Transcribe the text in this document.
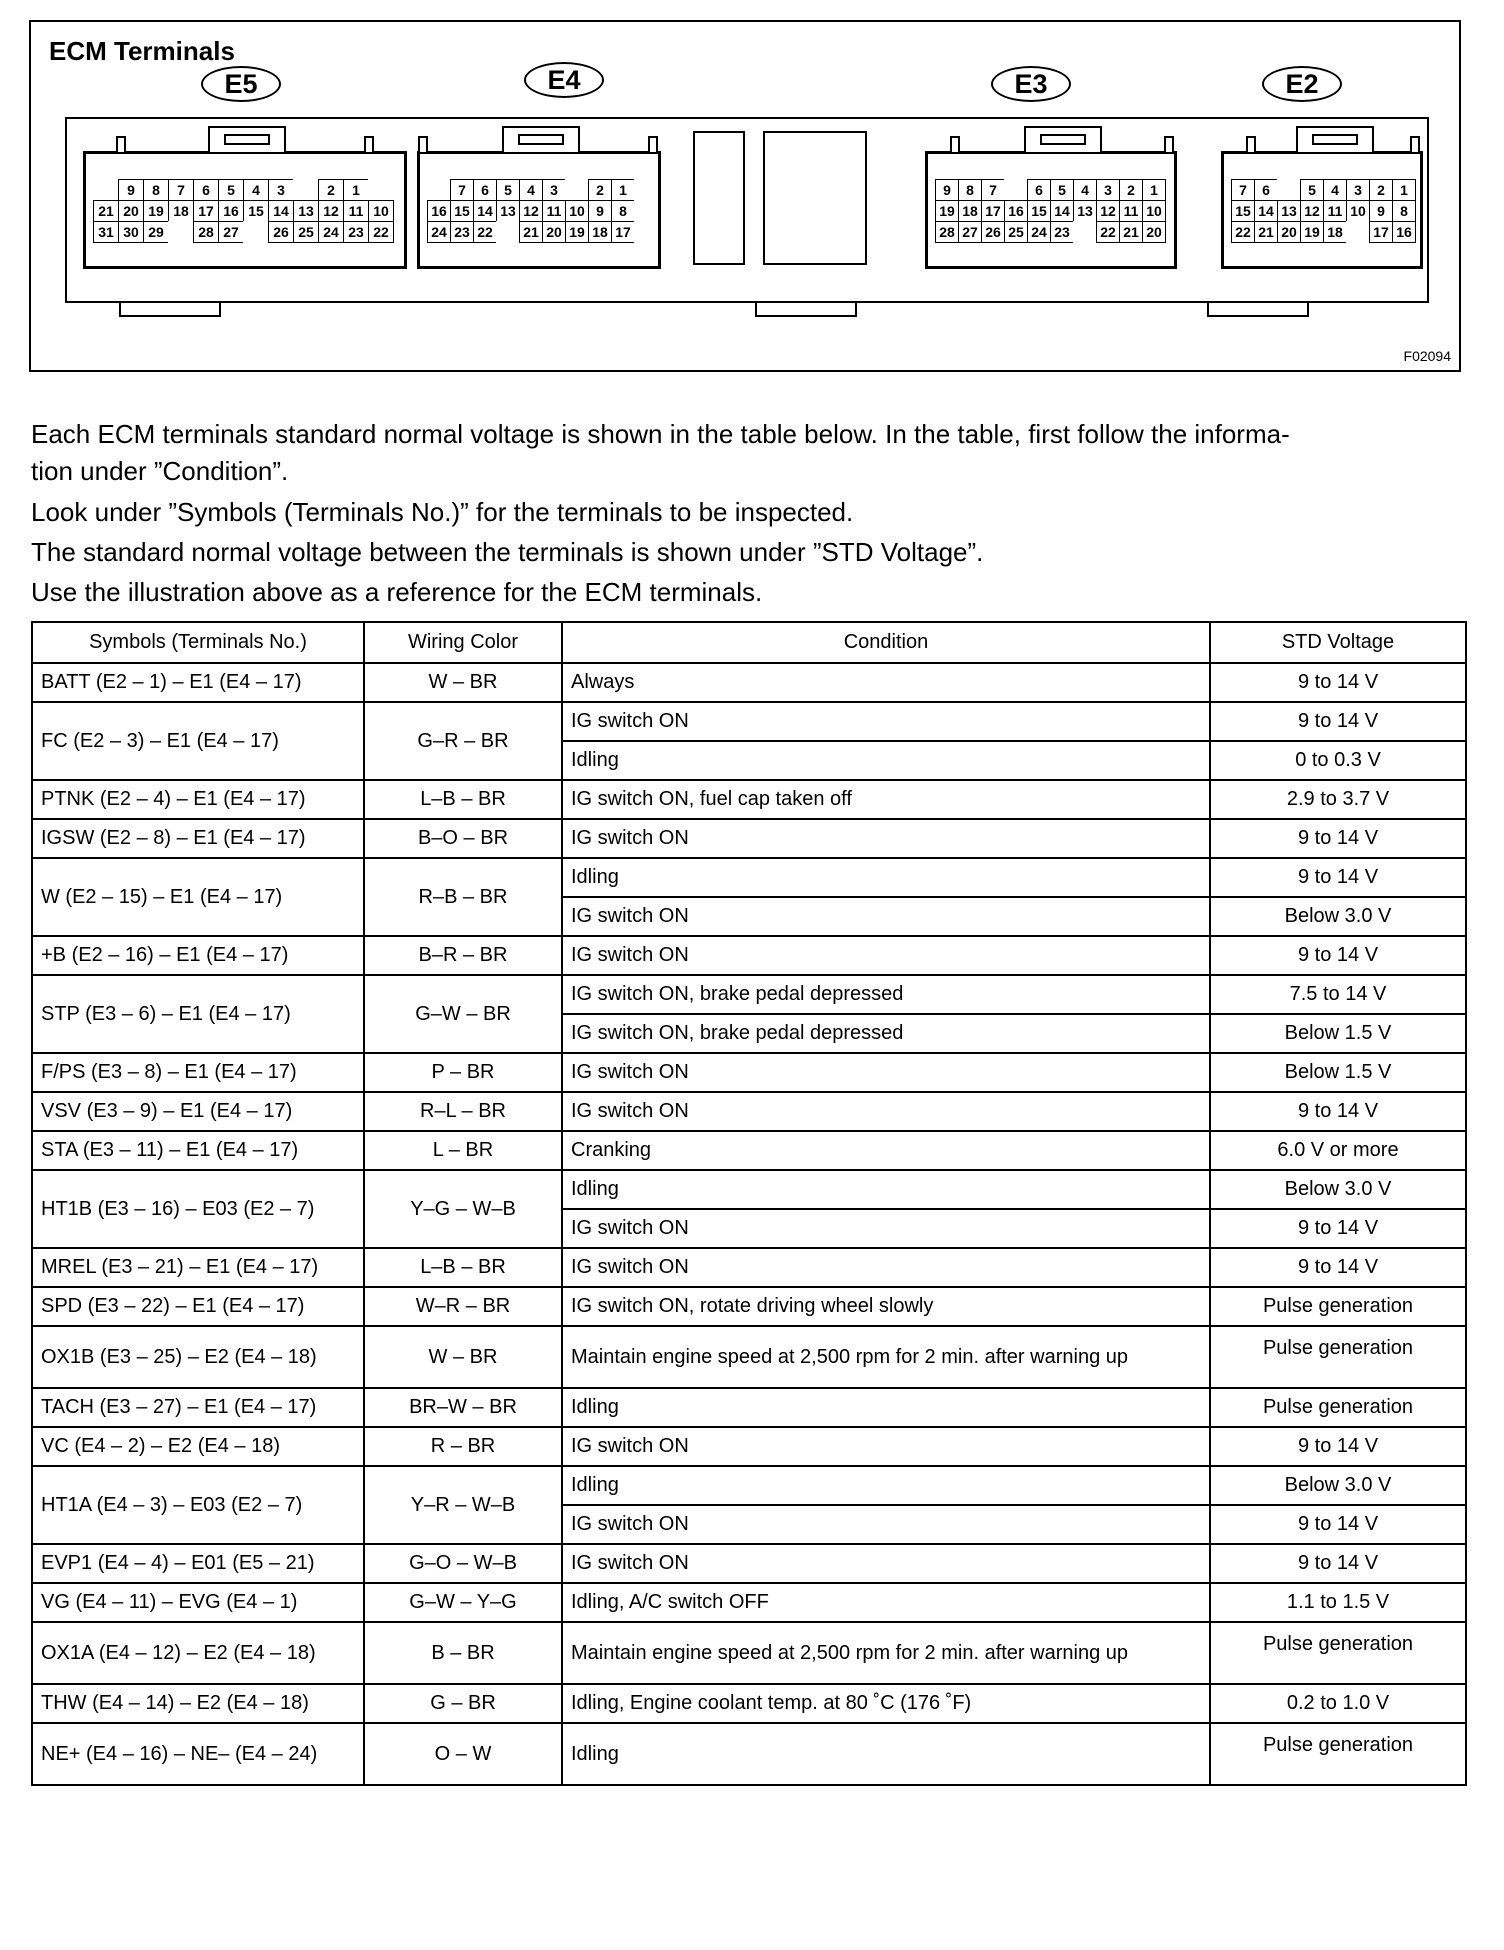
ECM Terminals
E5	E4	E3	E2
9	8	7	6	5	4	3	2	1
21 20 19 18 17 16 15 14 13 12 11 10
31 30 29	28 27	26 25 24 23 22
7	6	5	4	3	2	1
16 15 14 13 12 11 10 9	8
24 23 22	21 20 19 18 17
9	8	7	6	5	4	3	2	1
19 18 17 16 15 14 13 12 11 10
28 27 26 25 24 23	22 21 20
7	6	5	4	3	2	1
15 14 13 12 11 10 9	8
22 21 20 19 18	17 16
F02094
Each ECM terminals standard normal voltage is shown in the table below. In the table, first follow the informa-
tion under ”Condition”.
Look under ”Symbols (Terminals No.)” for the terminals to be inspected.
The standard normal voltage between the terminals is shown under ”STD Voltage”.
Use the illustration above as a reference for the ECM terminals.
Symbols (Terminals No.)	Wiring Color	Condition	STD Voltage
BATT (E2 – 1) – E1 (E4 – 17)	W – BR	Always	9 to 14 V
FC (E2 – 3) – E1 (E4 – 17)	G–R – BR	IG switch ON	9 to 14 V
		Idling	0 to 0.3 V
PTNK (E2 – 4) – E1 (E4 – 17)	L–B – BR	IG switch ON, fuel cap taken off	2.9 to 3.7 V
IGSW (E2 – 8) – E1 (E4 – 17)	B–O – BR	IG switch ON	9 to 14 V
W (E2 – 15) – E1 (E4 – 17)	R–B – BR	Idling	9 to 14 V
		IG switch ON	Below 3.0 V
+B (E2 – 16) – E1 (E4 – 17)	B–R – BR	IG switch ON	9 to 14 V
STP (E3 – 6) – E1 (E4 – 17)	G–W – BR	IG switch ON, brake pedal depressed	7.5 to 14 V
		IG switch ON, brake pedal depressed	Below 1.5 V
F/PS (E3 – 8) – E1 (E4 – 17)	P – BR	IG switch ON	Below 1.5 V
VSV (E3 – 9) – E1 (E4 – 17)	R–L – BR	IG switch ON	9 to 14 V
STA (E3 – 11) – E1 (E4 – 17)	L – BR	Cranking	6.0 V or more
HT1B (E3 – 16) – E03 (E2 – 7)	Y–G – W–B	Idling	Below 3.0 V
		IG switch ON	9 to 14 V
MREL (E3 – 21) – E1 (E4 – 17)	L–B – BR	IG switch ON	9 to 14 V
SPD (E3 – 22) – E1 (E4 – 17)	W–R – BR	IG switch ON, rotate driving wheel slowly	Pulse generation
OX1B (E3 – 25) – E2 (E4 – 18)	W – BR	Maintain engine speed at 2,500 rpm for 2 min. after warning up	Pulse generation
TACH (E3 – 27) – E1 (E4 – 17)	BR–W – BR	Idling	Pulse generation
VC (E4 – 2) – E2 (E4 – 18)	R – BR	IG switch ON	9 to 14 V
HT1A (E4 – 3) – E03 (E2 – 7)	Y–R – W–B	Idling	Below 3.0 V
		IG switch ON	9 to 14 V
EVP1 (E4 – 4) – E01 (E5 – 21)	G–O – W–B	IG switch ON	9 to 14 V
VG (E4 – 11) – EVG (E4 – 1)	G–W – Y–G	Idling, A/C switch OFF	1.1 to 1.5 V
OX1A (E4 – 12) – E2 (E4 – 18)	B – BR	Maintain engine speed at 2,500 rpm for 2 min. after warning up	Pulse generation
THW (E4 – 14) – E2 (E4 – 18)	G – BR	Idling, Engine coolant temp. at 80 ˚C (176 ˚F)	0.2 to 1.0 V
NE+ (E4 – 16) – NE– (E4 – 24)	O – W	Idling	Pulse generation
